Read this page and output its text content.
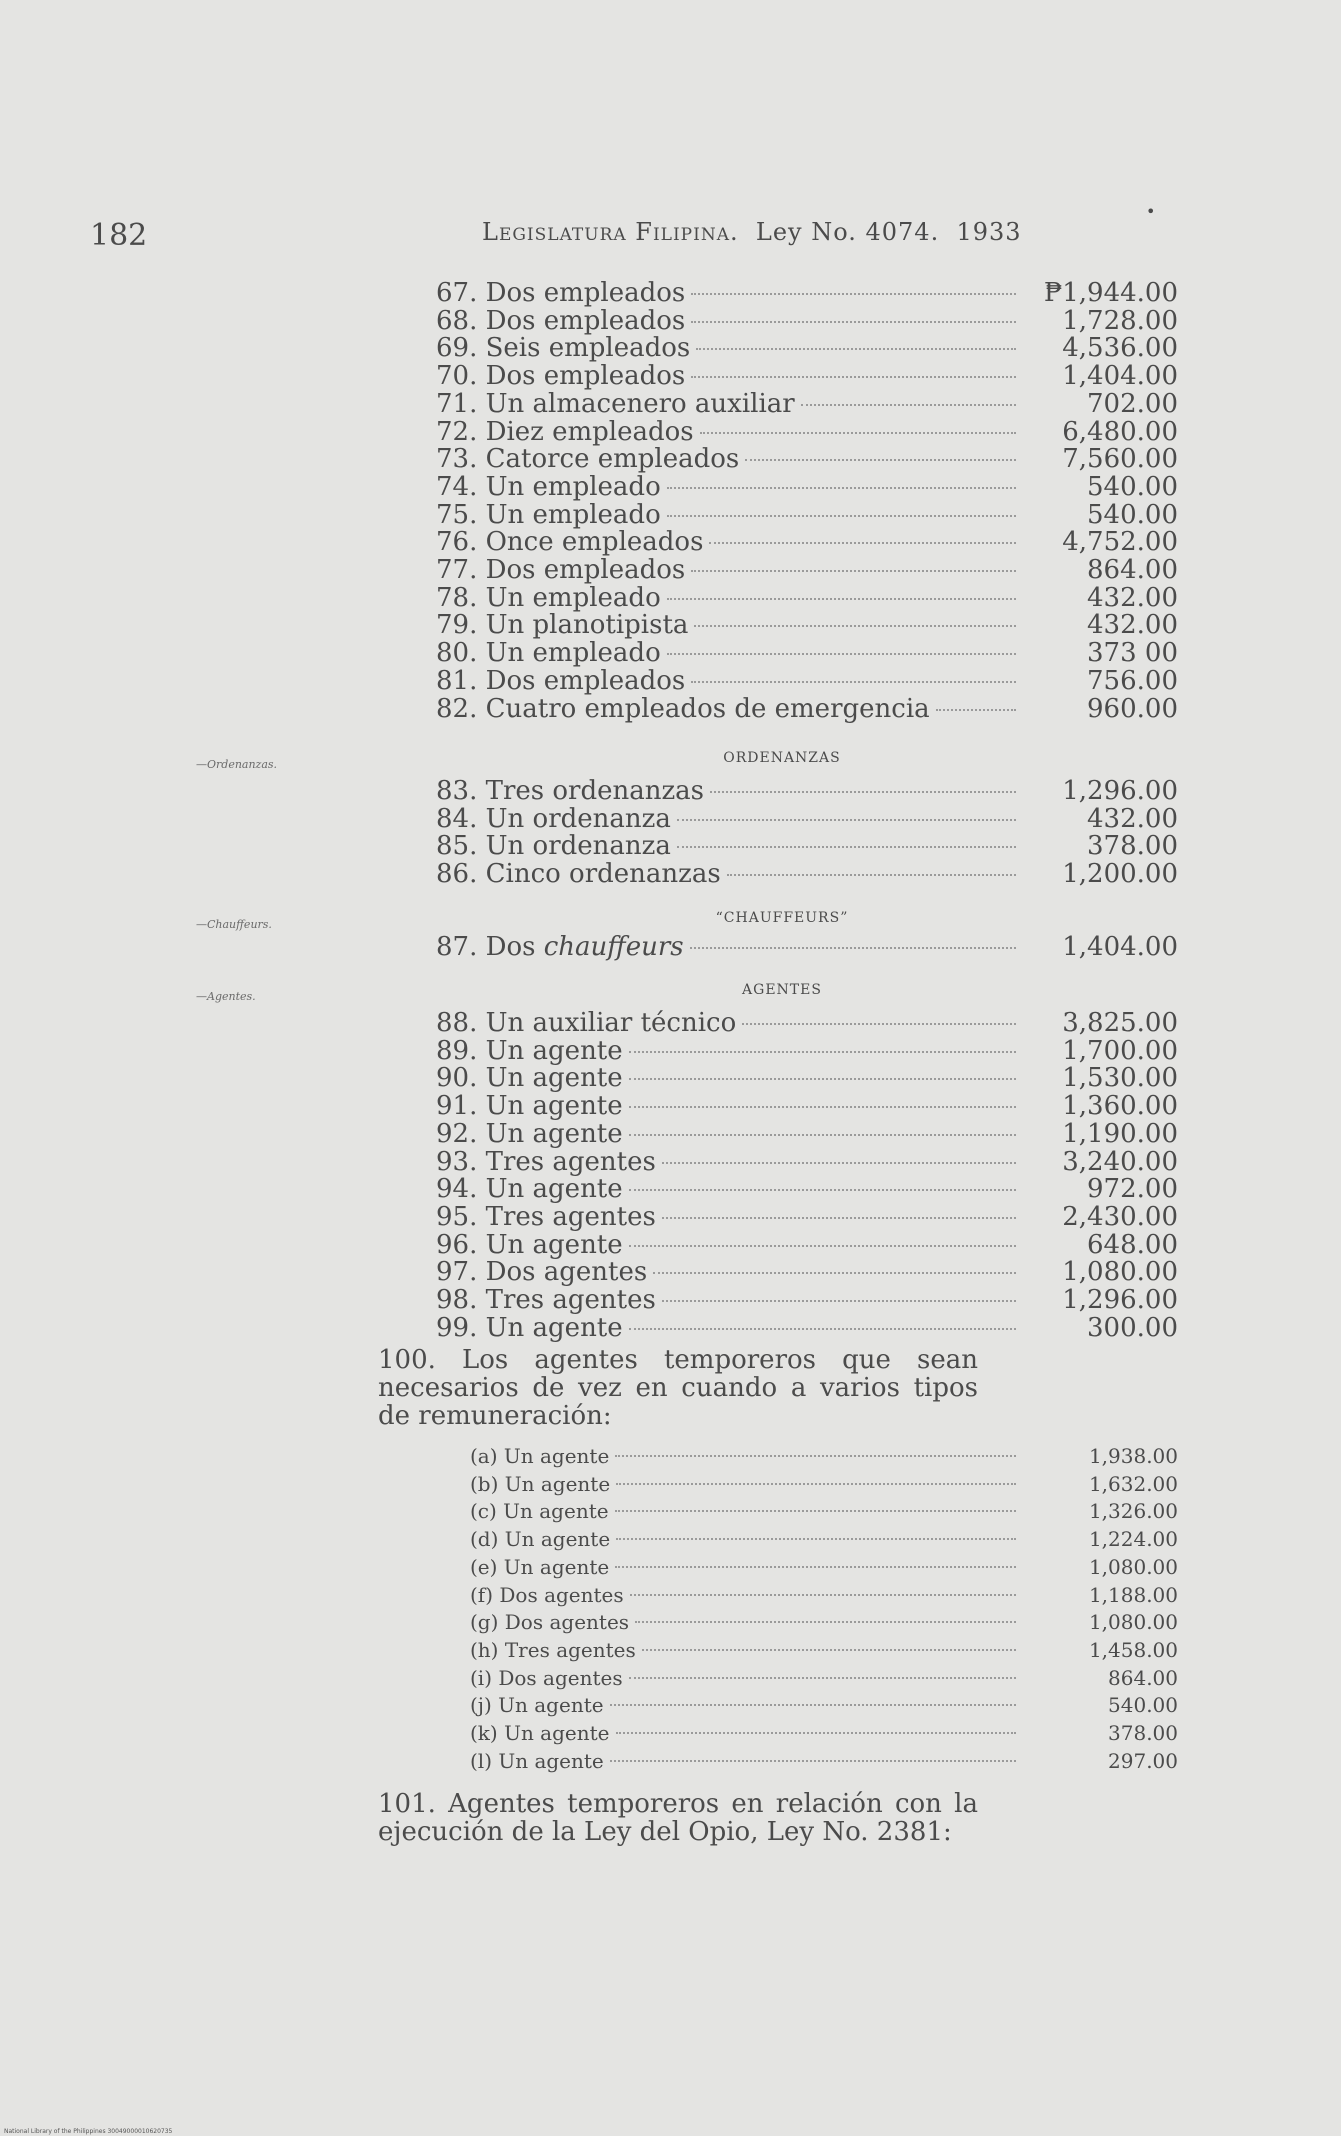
182	Legislatura Filipina. Ley No. 4074. 1933
•
67. Dos empleados	₱1,944.00
68. Dos empleados	1,728.00
69. Seis empleados	4,536.00
70. Dos empleados	1,404.00
71. Un almacenero auxiliar	702.00
72. Diez empleados	6,480.00
73. Catorce empleados	7,560.00
74. Un empleado	540.00
75. Un empleado	540.00
76. Once empleados	4,752.00
77. Dos empleados	864.00
78. Un empleado	432.00
79. Un planotipista	432.00
80. Un empleado	373 00
81. Dos empleados	756.00
82. Cuatro empleados de emergencia	960.00
—Ordenanzas.	ORDENANZAS
83. Tres ordenanzas	1,296.00
84. Un ordenanza	432.00
85. Un ordenanza	378.00
86. Cinco ordenanzas	1,200.00
—Chauffeurs.	“CHAUFFEURS”
87. Dos chauffeurs	1,404.00
—Agentes.	AGENTES
88. Un auxiliar técnico	3,825.00
89. Un agente	1,700.00
90. Un agente	1,530.00
91. Un agente	1,360.00
92. Un agente	1,190.00
93. Tres agentes	3,240.00
94. Un agente	972.00
95. Tres agentes	2,430.00
96. Un agente	648.00
97. Dos agentes	1,080.00
98. Tres agentes	1,296.00
99. Un agente	300.00
100. Los agentes temporeros que sean necesarios de vez en cuando a varios tipos de remuneración:
(a) Un agente	1,938.00
(b) Un agente	1,632.00
(c) Un agente	1,326.00
(d) Un agente	1,224.00
(e) Un agente	1,080.00
(f) Dos agentes	1,188.00
(g) Dos agentes	1,080.00
(h) Tres agentes	1,458.00
(i) Dos agentes	864.00
(j) Un agente	540.00
(k) Un agente	378.00
(l) Un agente	297.00
101. Agentes temporeros en relación con la ejecución de la Ley del Opio, Ley No. 2381:
National Library of the Philippines 30049000010620735
